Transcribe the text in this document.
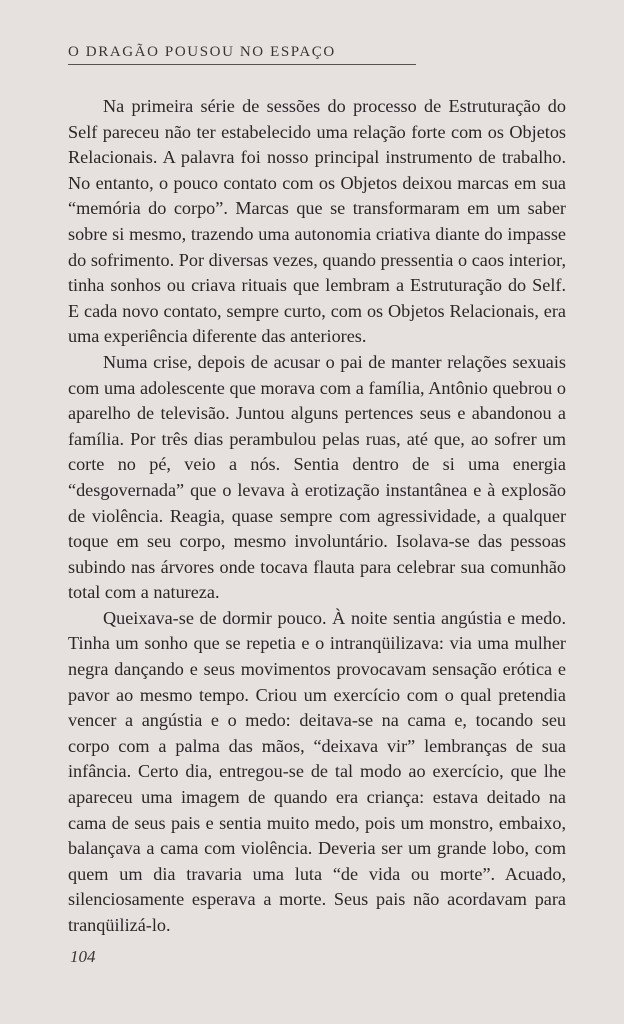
O DRAGÃO POUSOU NO ESPAÇO

Na primeira série de sessões do processo de Estruturação do Self pareceu não ter estabelecido uma relação forte com os Objetos Relacionais. A palavra foi nosso principal instrumento de trabalho. No entanto, o pouco contato com os Objetos deixou marcas em sua “memória do corpo”. Marcas que se transformaram em um saber sobre si mesmo, trazendo uma autonomia criativa diante do impasse do sofrimento. Por diversas vezes, quando pressentia o caos interior, tinha sonhos ou criava rituais que lembram a Estruturação do Self. E cada novo contato, sempre curto, com os Objetos Relacionais, era uma experiência diferente das anteriores.

Numa crise, depois de acusar o pai de manter relações sexuais com uma adolescente que morava com a família, Antônio quebrou o aparelho de televisão. Juntou alguns pertences seus e abandonou a família. Por três dias perambulou pelas ruas, até que, ao sofrer um corte no pé, veio a nós. Sentia dentro de si uma energia “desgovernada” que o levava à erotização instantânea e à explosão de violência. Reagia, quase sempre com agressividade, a qualquer toque em seu corpo, mesmo involuntário. Isolava-se das pessoas subindo nas árvores onde tocava flauta para celebrar sua comunhão total com a natureza.

Queixava-se de dormir pouco. À noite sentia angústia e medo. Tinha um sonho que se repetia e o intranqüilizava: via uma mulher negra dançando e seus movimentos provocavam sensação erótica e pavor ao mesmo tempo. Criou um exercício com o qual pretendia vencer a angústia e o medo: deitava-se na cama e, tocando seu corpo com a palma das mãos, “deixava vir” lembranças de sua infância. Certo dia, entregou-se de tal modo ao exercício, que lhe apareceu uma imagem de quando era criança: estava deitado na cama de seus pais e sentia muito medo, pois um monstro, embaixo, balançava a cama com violência. Deveria ser um grande lobo, com quem um dia travaria uma luta “de vida ou morte”. Acuado, silenciosamente esperava a morte. Seus pais não acordavam para tranqüilizá-lo.

104
